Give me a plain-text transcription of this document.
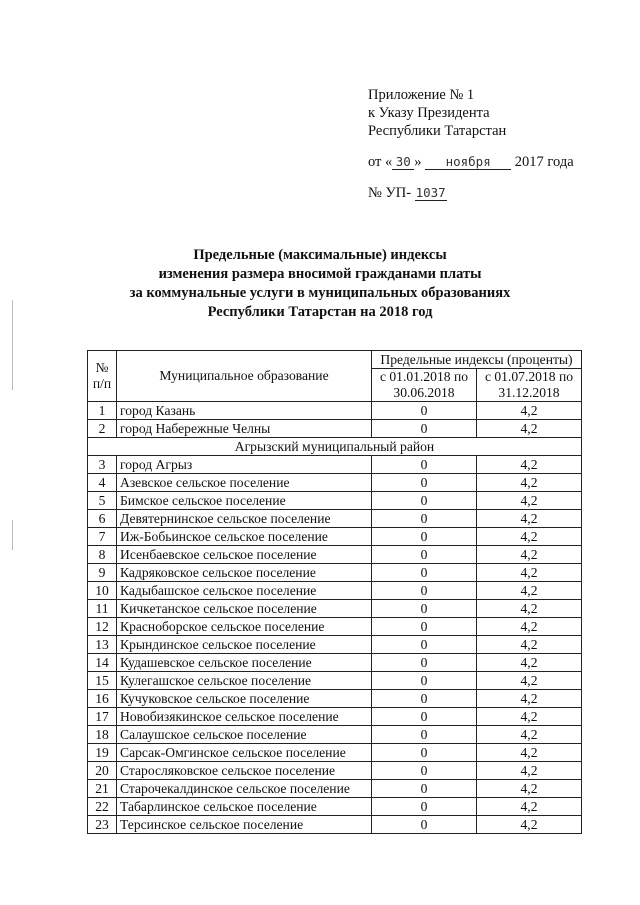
Приложение № 1
к Указу Президента
Республики Татарстан
от « 30 » ноября 2017 года
№ УП- 1037
Предельные (максимальные) индексы
изменения размера вносимой гражданами платы
за коммунальные услуги в муниципальных образованиях
Республики Татарстан на 2018 год
№ п/п	Муниципальное образование	Предельные индексы (проценты)	
		с 01.01.2018 по 30.06.2018	с 01.07.2018 по 31.12.2018
1	город Казань	0	4,2
2	город Набережные Челны	0	4,2
Агрызский муниципальный район			
3	город Агрыз	0	4,2
4	Азевское сельское поселение	0	4,2
5	Бимское сельское поселение	0	4,2
6	Девятернинское сельское поселение	0	4,2
7	Иж-Бобьинское сельское поселение	0	4,2
8	Исенбаевское сельское поселение	0	4,2
9	Кадряковское сельское поселение	0	4,2
10	Кадыбашское сельское поселение	0	4,2
11	Кичкетанское сельское поселение	0	4,2
12	Красноборское сельское поселение	0	4,2
13	Крындинское сельское поселение	0	4,2
14	Кудашевское сельское поселение	0	4,2
15	Кулегашское сельское поселение	0	4,2
16	Кучуковское сельское поселение	0	4,2
17	Новобизякинское сельское поселение	0	4,2
18	Салаушское сельское поселение	0	4,2
19	Сарсак-Омгинское сельское поселение	0	4,2
20	Старосляковское сельское поселение	0	4,2
21	Старочекалдинское сельское поселение	0	4,2
22	Табарлинское сельское поселение	0	4,2
23	Терсинское сельское поселение	0	4,2
